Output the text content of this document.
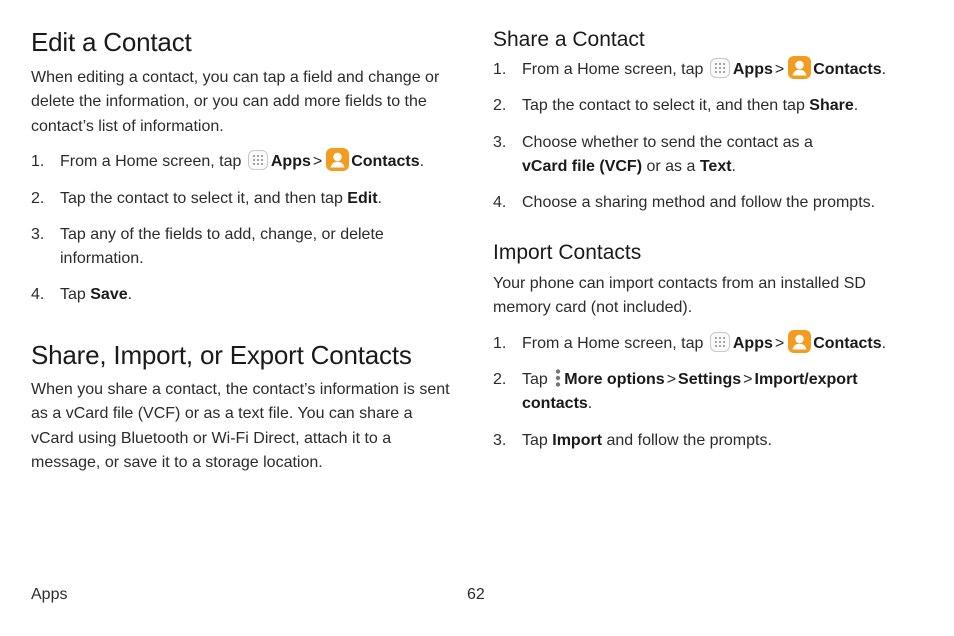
Edit a Contact

When editing a contact, you can tap a field and change or delete the information, or you can add more fields to the contact’s list of information.

1. From a Home screen, tap Apps > Contacts.
2. Tap the contact to select it, and then tap Edit.
3. Tap any of the fields to add, change, or delete information.
4. Tap Save.
Share, Import, or Export Contacts

When you share a contact, the contact’s information is sent as a vCard file (VCF) or as a text file. You can share a vCard using Bluetooth or Wi-Fi Direct, attach it to a message, or save it to a storage location.

Share a Contact
1. From a Home screen, tap Apps > Contacts.
2. Tap the contact to select it, and then tap Share.
3. Choose whether to send the contact as a vCard file (VCF) or as a Text.
4. Choose a sharing method and follow the prompts.
Import Contacts

Your phone can import contacts from an installed SD memory card (not included).

1. From a Home screen, tap Apps > Contacts.
2. Tap More options > Settings > Import/export contacts.
3. Tap Import and follow the prompts.
Apps	62
